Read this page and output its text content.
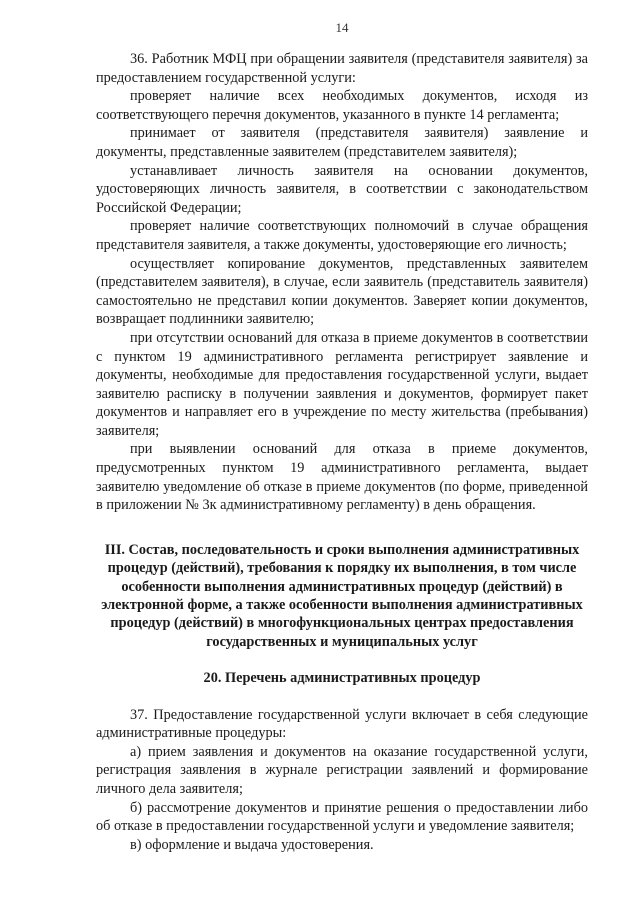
14

36. Работник МФЦ при обращении заявителя (представителя заявителя) за предоставлением государственной услуги:

проверяет наличие всех необходимых документов, исходя из соответствующего перечня документов, указанного в пункте 14 регламента;

принимает от заявителя (представителя заявителя) заявление и документы, представленные заявителем (представителем заявителя);

устанавливает личность заявителя на основании документов, удостоверяющих личность заявителя, в соответствии с законодательством Российской Федерации;

проверяет наличие соответствующих полномочий в случае обращения представителя заявителя, а также документы, удостоверяющие его личность;

осуществляет копирование документов, представленных заявителем (представителем заявителя), в случае, если заявитель (представитель заявителя) самостоятельно не представил копии документов. Заверяет копии документов, возвращает подлинники заявителю;

при отсутствии оснований для отказа в приеме документов в соответствии с пунктом 19 административного регламента регистрирует заявление и документы, необходимые для предоставления государственной услуги, выдает заявителю расписку в получении заявления и документов, формирует пакет документов и направляет его в учреждение по месту жительства (пребывания) заявителя;

при выявлении оснований для отказа в приеме документов, предусмотренных пунктом 19 административного регламента, выдает заявителю уведомление об отказе в приеме документов (по форме, приведенной в приложении № 3к административному регламенту) в день обращения.

III. Состав, последовательность и сроки выполнения административных процедур (действий), требования к порядку их выполнения, в том числе особенности выполнения административных процедур (действий) в электронной форме, а также особенности выполнения административных процедур (действий) в многофункциональных центрах предоставления государственных и муниципальных услуг

20. Перечень административных процедур

37. Предоставление государственной услуги включает в себя следующие административные процедуры:

а) прием заявления и документов на оказание государственной услуги, регистрация заявления в журнале регистрации заявлений и формирование личного дела заявителя;

б) рассмотрение документов и принятие решения о предоставлении либо об отказе в предоставлении государственной услуги и уведомление заявителя;

в) оформление и выдача удостоверения.
